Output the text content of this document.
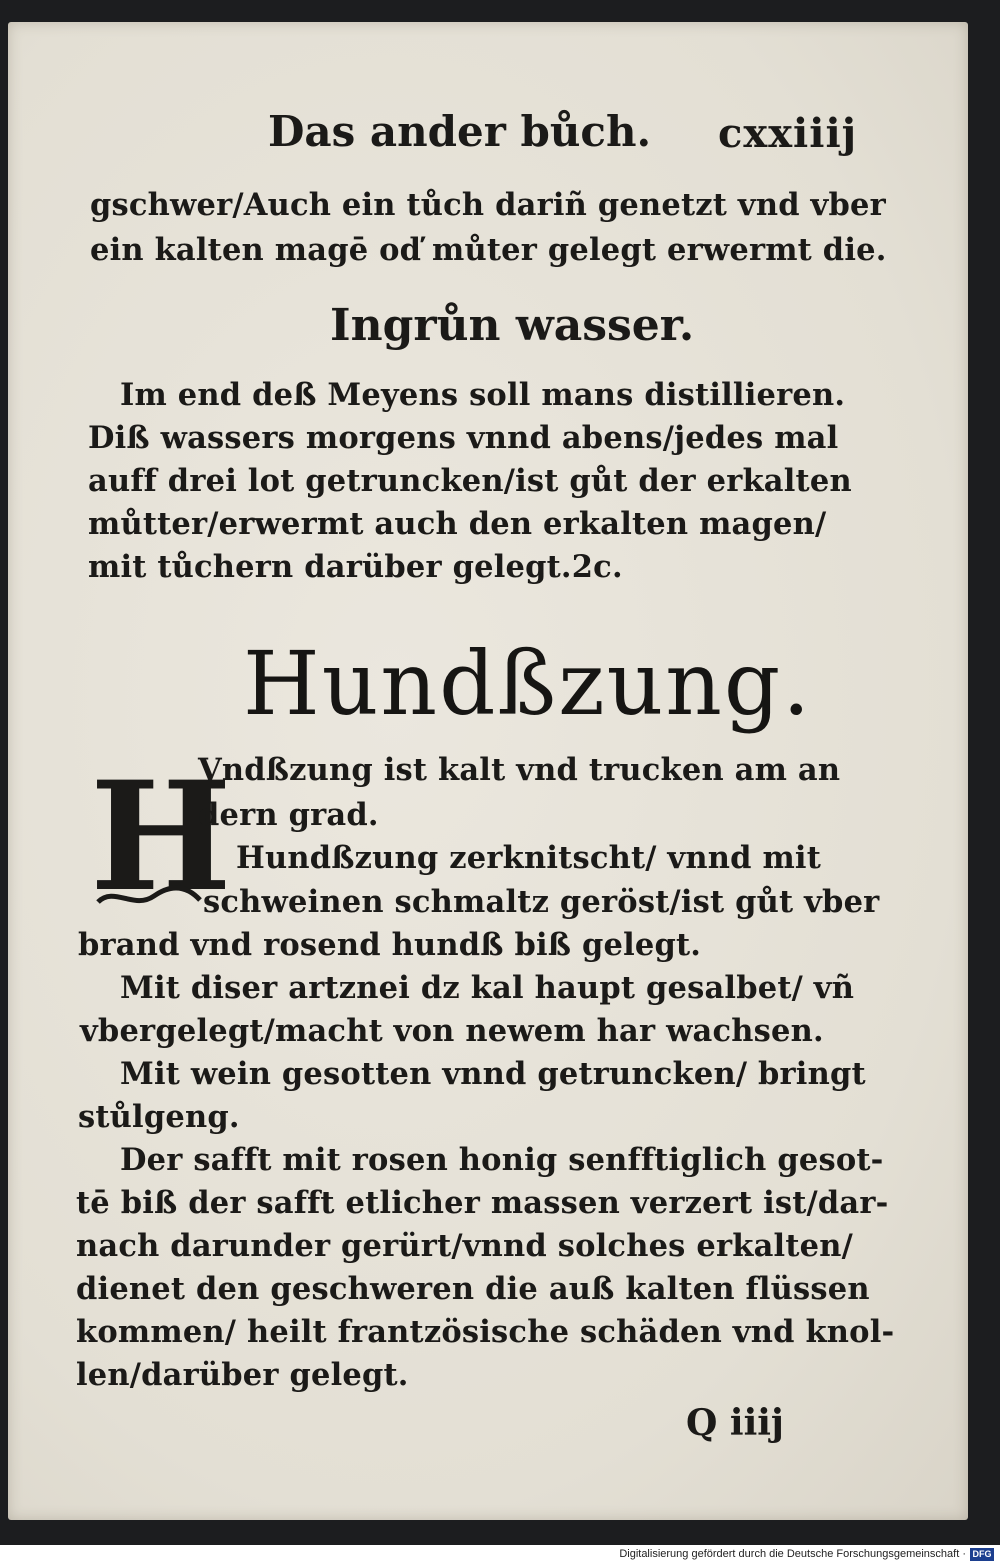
Das ander bůch. cxxiiij

gschwer/Auch ein tůch dariñ genetzt vnd vber

ein kalten magē oď můter gelegt erwermt die.

Ingrůn wasser.

Im end deß Meyens soll mans distillieren.

Diß wassers morgens vnnd abens/jedes mal

auff drei lot getruncken/ist gůt der erkalten

můtter/erwermt auch den erkalten magen/

mit tůchern darüber gelegt.2c.

Hundßzung.

H

Vndßzung ist kalt vnd trucken am an

dern grad.

Hundßzung zerknitscht/ vnnd mit

schweinen schmaltz geröst/ist gůt vber

brand vnd rosend hundß biß gelegt.

Mit diser artznei dz kal haupt gesalbet/ vñ

vbergelegt/macht von newem har wachsen.

Mit wein gesotten vnnd getruncken/ bringt

stůlgeng.

Der safft mit rosen honig senfftiglich gesot-

tē biß der safft etlicher massen verzert ist/dar-

nach darunder gerürt/vnnd solches erkalten/

dienet den geschweren die auß kalten flüssen

kommen/ heilt frantzösische schäden vnd knol-

len/darüber gelegt.

Q iiij

Digitalisierung gefördert durch die Deutsche Forschungsgemeinschaft · DFG
